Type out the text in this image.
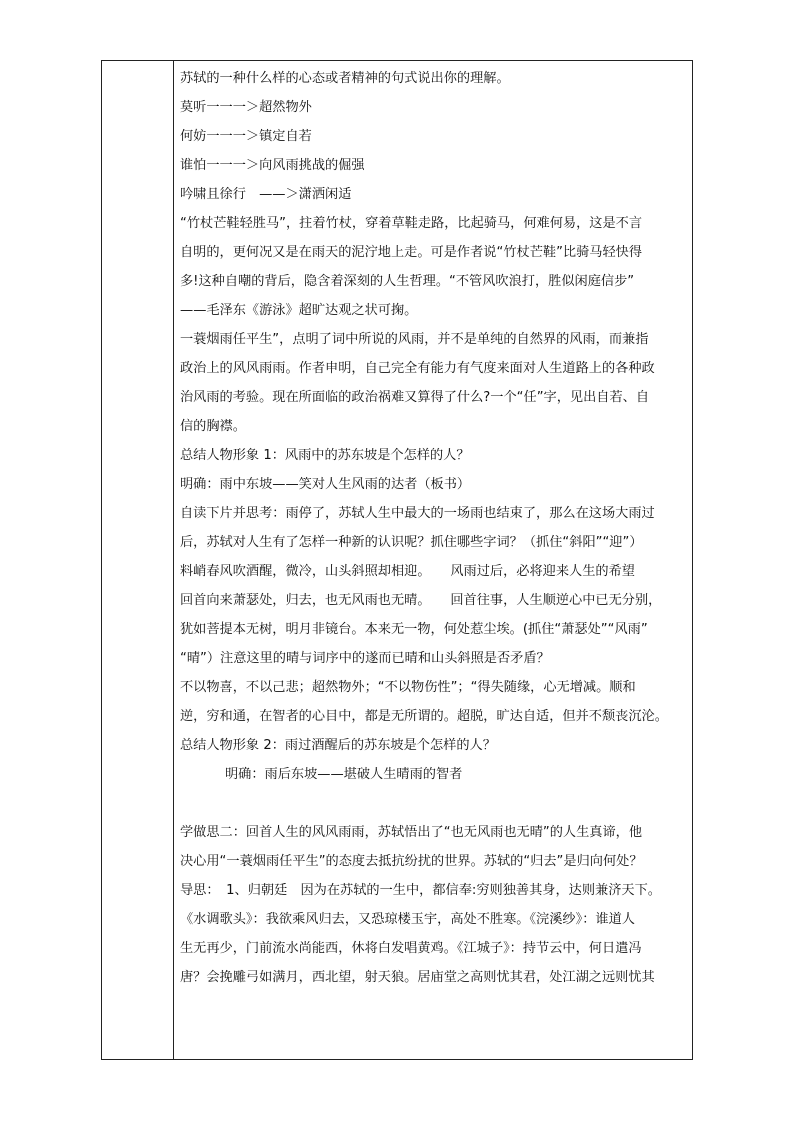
苏轼的一种什么样的心态或者精神的句式说出你的理解。
莫听一一一＞超然物外
何妨一一一＞镇定自若
谁怕一一一＞向风雨挑战的倔强
吟啸且徐行　——＞潇洒闲适
“竹杖芒鞋轻胜马”，拄着竹杖，穿着草鞋走路，比起骑马，何难何易，这是不言
自明的，更何况又是在雨天的泥泞地上走。可是作者说“竹杖芒鞋”比骑马轻快得
多!这种自嘲的背后，隐含着深刻的人生哲理。“不管风吹浪打，胜似闲庭信步”
——毛泽东《游泳》超旷达观之状可掬。
一蓑烟雨任平生”，点明了词中所说的风雨，并不是单纯的自然界的风雨，而兼指
政治上的风风雨雨。作者申明，自己完全有能力有气度来面对人生道路上的各种政
治风雨的考验。现在所面临的政治祸难又算得了什么?一个“任”字，见出自若、自
信的胸襟。
总结人物形象 1：风雨中的苏东坡是个怎样的人？
明确：雨中东坡——笑对人生风雨的达者（板书）
自读下片并思考：雨停了，苏轼人生中最大的一场雨也结束了，那么在这场大雨过
后，苏轼对人生有了怎样一种新的认识呢？抓住哪些字词？（抓住“斜阳”“迎”）
料峭春风吹酒醒，微冷，山头斜照却相迎。　　风雨过后，必将迎来人生的希望
回首向来萧瑟处，归去，也无风雨也无晴。　　回首往事，人生顺逆心中已无分别，
犹如菩提本无树，明月非镜台。本来无一物，何处惹尘埃。(抓住“萧瑟处”“风雨”
“晴”）注意这里的晴与词序中的遂而已晴和山头斜照是否矛盾？
不以物喜，不以己悲；超然物外；“不以物伤性”；“得失随缘，心无增减。顺和
逆，穷和通，在智者的心目中，都是无所谓的。超脱，旷达自适，但并不颓丧沉沦。
总结人物形象 2：雨过酒醒后的苏东坡是个怎样的人？
明确：雨后东坡——堪破人生晴雨的智者
学做思二：回首人生的风风雨雨，苏轼悟出了“也无风雨也无晴”的人生真谛，他
决心用“一蓑烟雨任平生”的态度去抵抗纷扰的世界。苏轼的“归去”是归向何处？
导思：　1、归朝廷　因为在苏轼的一生中，都信奉:穷则独善其身，达则兼济天下。
《水调歌头》：我欲乘风归去，又恐琼楼玉宇，高处不胜寒。《浣溪纱》：谁道人
生无再少，门前流水尚能西，休将白发唱黄鸡。《江城子》：持节云中，何日遣冯
唐？会挽雕弓如满月，西北望，射天狼。居庙堂之高则忧其君，处江湖之远则忧其
